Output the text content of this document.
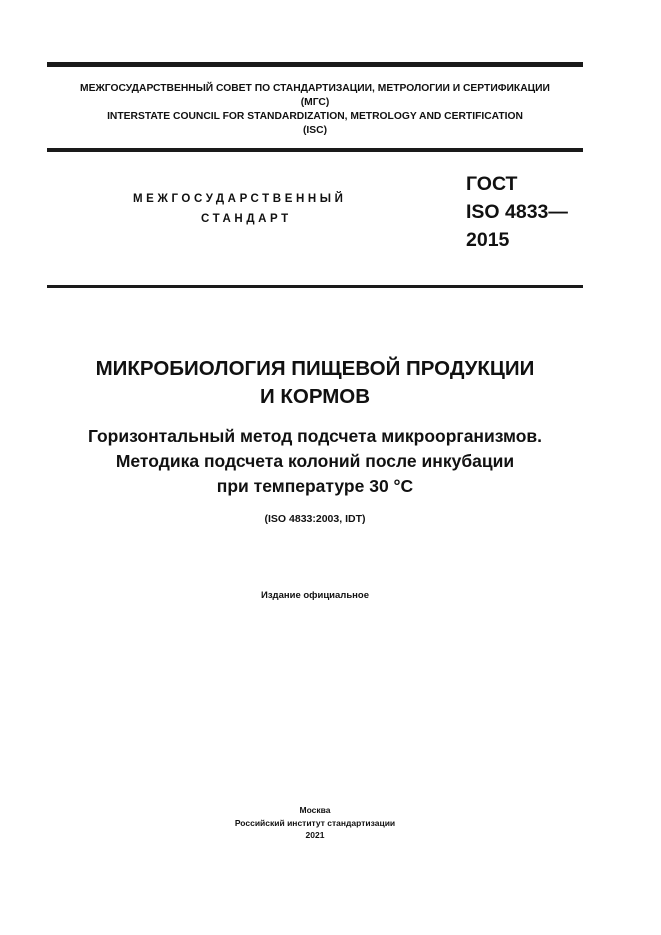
МЕЖГОСУДАРСТВЕННЫЙ СОВЕТ ПО СТАНДАРТИЗАЦИИ, МЕТРОЛОГИИ И СЕРТИФИКАЦИИ
(МГС)
INTERSTATE COUNCIL FOR STANDARDIZATION, METROLOGY AND CERTIFICATION
(ISC)
МЕЖГОСУДАРСТВЕННЫЙ
СТАНДАРТ
ГОСТ
ISO 4833—
2015
МИКРОБИОЛОГИЯ ПИЩЕВОЙ ПРОДУКЦИИ
И КОРМОВ
Горизонтальный метод подсчета микроорганизмов.
Методика подсчета колоний после инкубации
при температуре 30 °C
(ISO 4833:2003, IDT)
Издание официальное
Москва
Российский институт стандартизации
2021
